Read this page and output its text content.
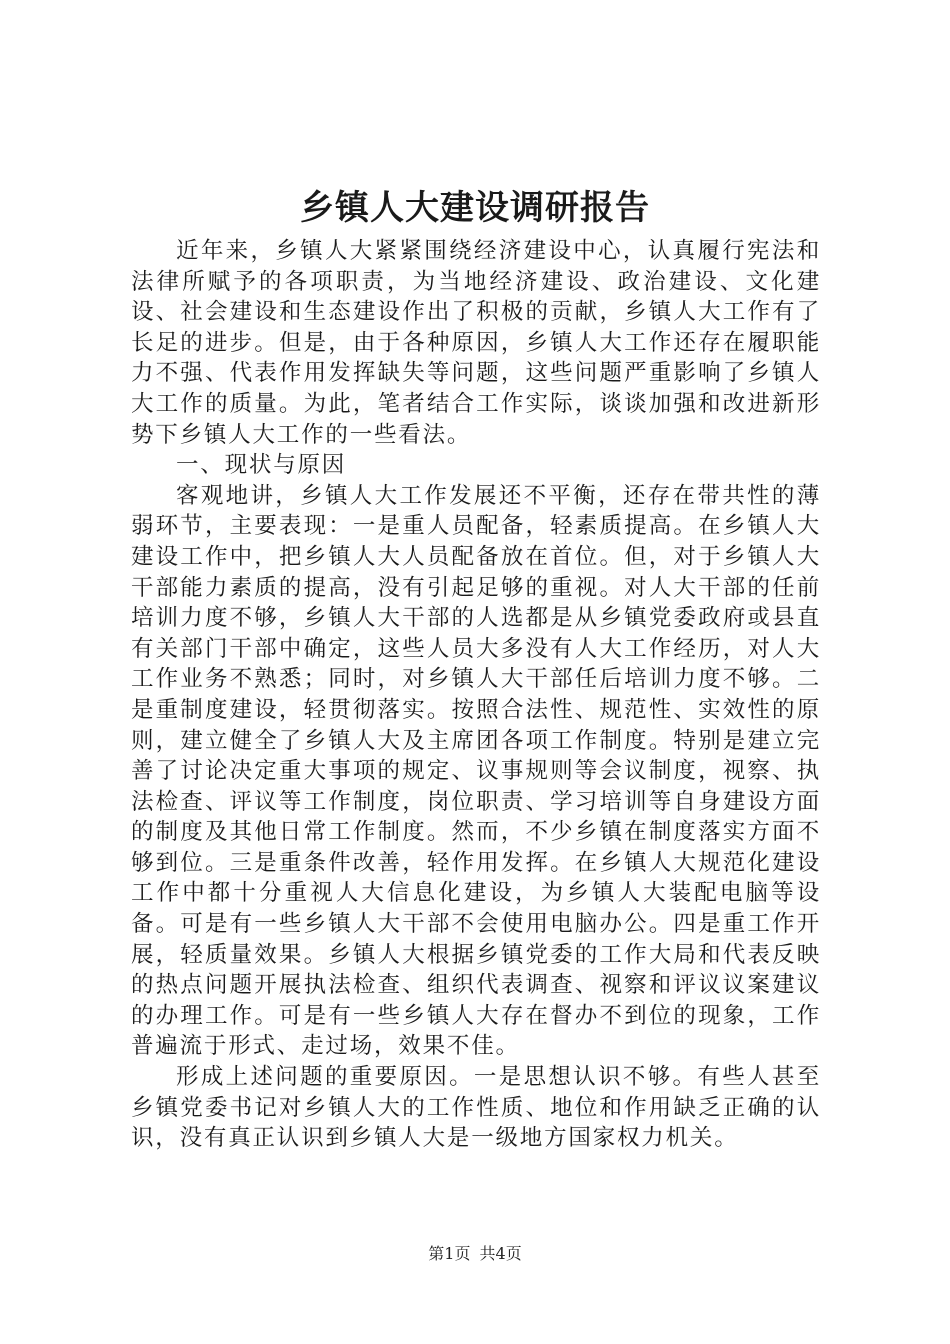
乡镇人大建设调研报告

近年来，乡镇人大紧紧围绕经济建设中心，认真履行宪法和法律所赋予的各项职责，为当地经济建设、政治建设、文化建设、社会建设和生态建设作出了积极的贡献，乡镇人大工作有了长足的进步。但是，由于各种原因，乡镇人大工作还存在履职能力不强、代表作用发挥缺失等问题，这些问题严重影响了乡镇人大工作的质量。为此，笔者结合工作实际，谈谈加强和改进新形势下乡镇人大工作的一些看法。

一、现状与原因

客观地讲，乡镇人大工作发展还不平衡，还存在带共性的薄弱环节，主要表现：一是重人员配备，轻素质提高。在乡镇人大建设工作中，把乡镇人大人员配备放在首位。但，对于乡镇人大干部能力素质的提高，没有引起足够的重视。对人大干部的任前培训力度不够，乡镇人大干部的人选都是从乡镇党委政府或县直有关部门干部中确定，这些人员大多没有人大工作经历，对人大工作业务不熟悉；同时，对乡镇人大干部任后培训力度不够。二是重制度建设，轻贯彻落实。按照合法性、规范性、实效性的原则，建立健全了乡镇人大及主席团各项工作制度。特别是建立完善了讨论决定重大事项的规定、议事规则等会议制度，视察、执法检查、评议等工作制度，岗位职责、学习培训等自身建设方面的制度及其他日常工作制度。然而，不少乡镇在制度落实方面不够到位。三是重条件改善，轻作用发挥。在乡镇人大规范化建设工作中都十分重视人大信息化建设，为乡镇人大装配电脑等设备。可是有一些乡镇人大干部不会使用电脑办公。四是重工作开展，轻质量效果。乡镇人大根据乡镇党委的工作大局和代表反映的热点问题开展执法检查、组织代表调查、视察和评议议案建议的办理工作。可是有一些乡镇人大存在督办不到位的现象，工作普遍流于形式、走过场，效果不佳。

形成上述问题的重要原因。一是思想认识不够。有些人甚至乡镇党委书记对乡镇人大的工作性质、地位和作用缺乏正确的认识，没有真正认识到乡镇人大是一级地方国家权力机关。

第1页 共4页
